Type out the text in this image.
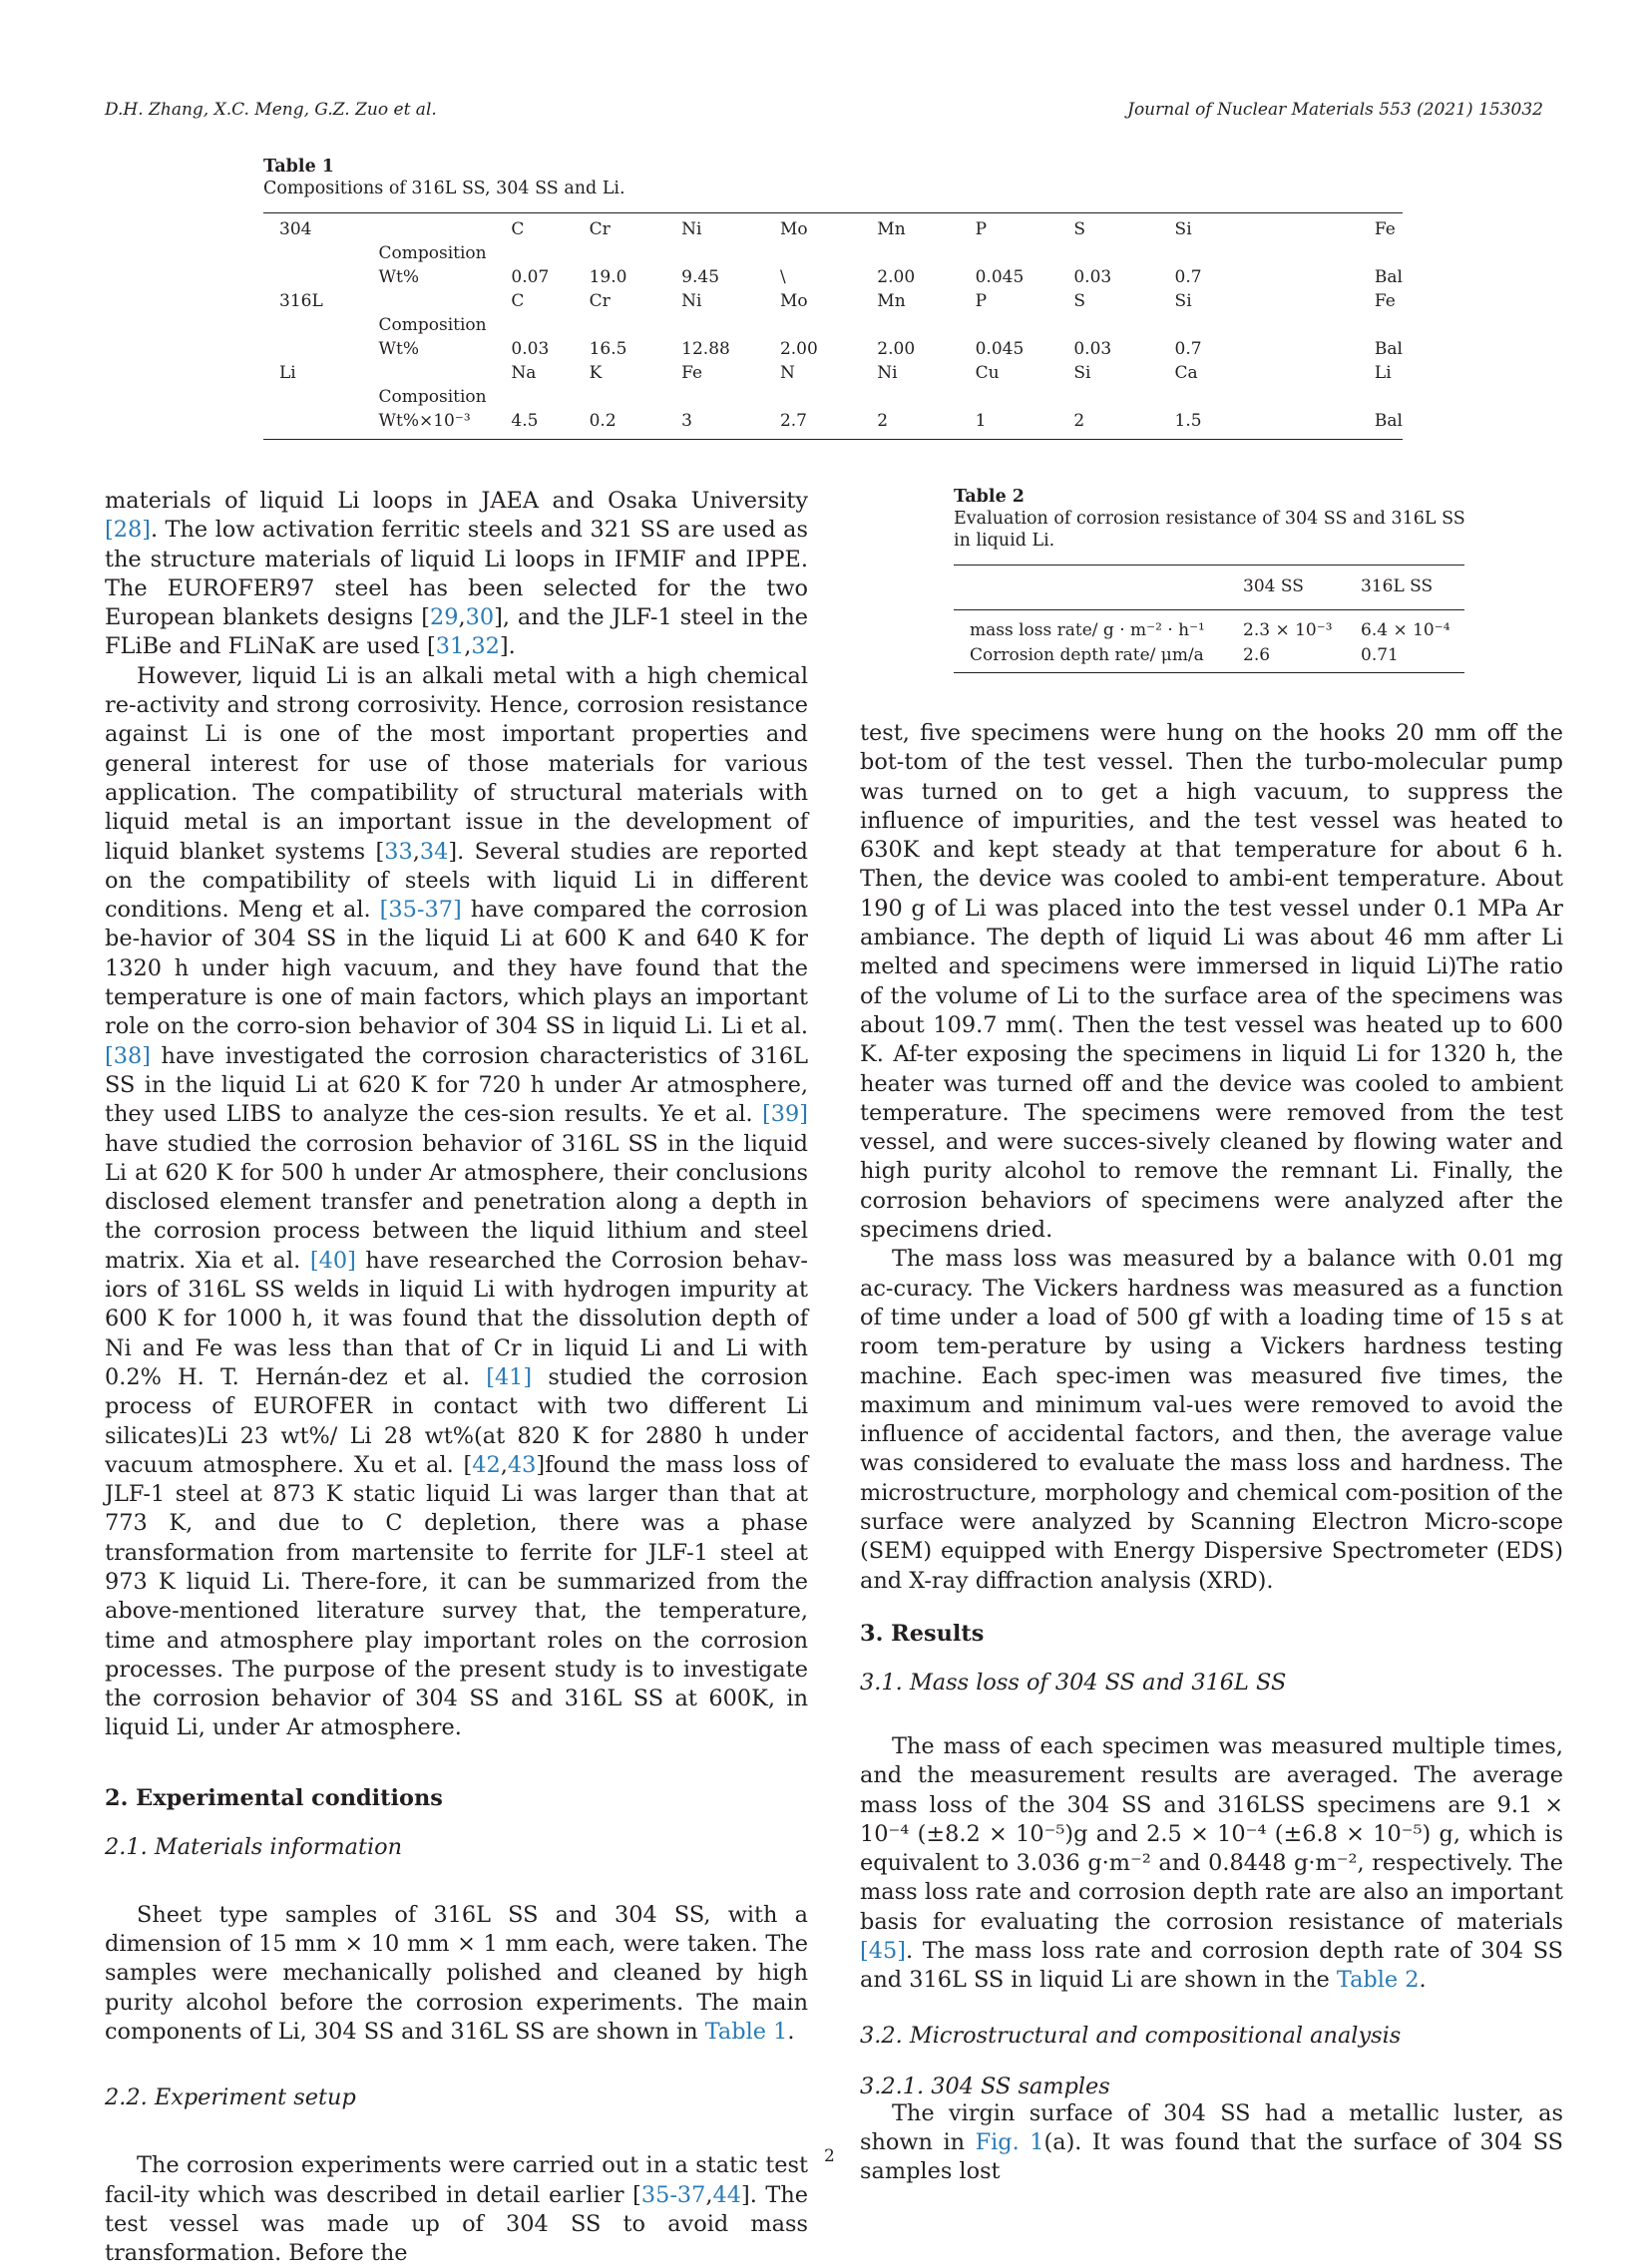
D.H. Zhang, X.C. Meng, G.Z. Zuo et al.	Journal of Nuclear Materials 553 (2021) 153032
Table 1
Compositions of 316L SS, 304 SS and Li.
304		C	Cr	Ni	Mo	Mn	P	S	Si	Fe
	Composition									
	Wt%	0.07	19.0	9.45	\	2.00	0.045	0.03	0.7	Bal
316L		C	Cr	Ni	Mo	Mn	P	S	Si	Fe
	Composition									
	Wt%	0.03	16.5	12.88	2.00	2.00	0.045	0.03	0.7	Bal
Li		Na	K	Fe	N	Ni	Cu	Si	Ca	Li
	Composition									
	Wt%×10⁻³	4.5	0.2	3	2.7	2	1	2	1.5	Bal
Table 2
Evaluation of corrosion resistance of 304 SS and 316L SS in liquid Li.
	304 SS	316L SS
mass loss rate/ g · m⁻² · h⁻¹	2.3 × 10⁻³	6.4 × 10⁻⁴
Corrosion depth rate/ μm/a	2.6	0.71

materials of liquid Li loops in JAEA and Osaka University [28]. The low activation ferritic steels and 321 SS are used as the structure materials of liquid Li loops in IFMIF and IPPE. The EUROFER97 steel has been selected for the two European blankets designs [29,30], and the JLF-1 steel in the FLiBe and FLiNaK are used [31,32].

However, liquid Li is an alkali metal with a high chemical re-activity and strong corrosivity. Hence, corrosion resistance against Li is one of the most important properties and general interest for use of those materials for various application. The compatibility of structural materials with liquid metal is an important issue in the development of liquid blanket systems [33,34]. Several studies are reported on the compatibility of steels with liquid Li in different conditions. Meng et al. [35-37] have compared the corrosion be-havior of 304 SS in the liquid Li at 600 K and 640 K for 1320 h under high vacuum, and they have found that the temperature is one of main factors, which plays an important role on the corro-sion behavior of 304 SS in liquid Li. Li et al. [38] have investigated the corrosion characteristics of 316L SS in the liquid Li at 620 K for 720 h under Ar atmosphere, they used LIBS to analyze the ces-sion results. Ye et al. [39] have studied the corrosion behavior of 316L SS in the liquid Li at 620 K for 500 h under Ar atmosphere, their conclusions disclosed element transfer and penetration along a depth in the corrosion process between the liquid lithium and steel matrix. Xia et al. [40] have researched the Corrosion behav-iors of 316L SS welds in liquid Li with hydrogen impurity at 600 K for 1000 h, it was found that the dissolution depth of Ni and Fe was less than that of Cr in liquid Li and Li with 0.2% H. T. Hernán-dez et al. [41] studied the corrosion process of EUROFER in contact with two different Li silicates)Li 23 wt%/ Li 28 wt%(at 820 K for 2880 h under vacuum atmosphere. Xu et al. [42,43]found the mass loss of JLF-1 steel at 873 K static liquid Li was larger than that at 773 K, and due to C depletion, there was a phase transformation from martensite to ferrite for JLF-1 steel at 973 K liquid Li. There-fore, it can be summarized from the above-mentioned literature survey that, the temperature, time and atmosphere play important roles on the corrosion processes. The purpose of the present study is to investigate the corrosion behavior of 304 SS and 316L SS at 600K, in liquid Li, under Ar atmosphere.

2. Experimental conditions
2.1. Materials information

Sheet type samples of 316L SS and 304 SS, with a dimension of 15 mm × 10 mm × 1 mm each, were taken. The samples were mechanically polished and cleaned by high purity alcohol before the corrosion experiments. The main components of Li, 304 SS and 316L SS are shown in Table 1.

2.2. Experiment setup

The corrosion experiments were carried out in a static test facil-ity which was described in detail earlier [35-37,44]. The test vessel was made up of 304 SS to avoid mass transformation. Before the

test, five specimens were hung on the hooks 20 mm off the bot-tom of the test vessel. Then the turbo-molecular pump was turned on to get a high vacuum, to suppress the influence of impurities, and the test vessel was heated to 630K and kept steady at that temperature for about 6 h. Then, the device was cooled to ambi-ent temperature. About 190 g of Li was placed into the test vessel under 0.1 MPa Ar ambiance. The depth of liquid Li was about 46 mm after Li melted and specimens were immersed in liquid Li)The ratio of the volume of Li to the surface area of the specimens was about 109.7 mm(. Then the test vessel was heated up to 600 K. Af-ter exposing the specimens in liquid Li for 1320 h, the heater was turned off and the device was cooled to ambient temperature. The specimens were removed from the test vessel, and were succes-sively cleaned by flowing water and high purity alcohol to remove the remnant Li. Finally, the corrosion behaviors of specimens were analyzed after the specimens dried.

The mass loss was measured by a balance with 0.01 mg ac-curacy. The Vickers hardness was measured as a function of time under a load of 500 gf with a loading time of 15 s at room tem-perature by using a Vickers hardness testing machine. Each spec-imen was measured five times, the maximum and minimum val-ues were removed to avoid the influence of accidental factors, and then, the average value was considered to evaluate the mass loss and hardness. The microstructure, morphology and chemical com-position of the surface were analyzed by Scanning Electron Micro-scope (SEM) equipped with Energy Dispersive Spectrometer (EDS) and X-ray diffraction analysis (XRD).

3. Results
3.1. Mass loss of 304 SS and 316L SS

The mass of each specimen was measured multiple times, and the measurement results are averaged. The average mass loss of the 304 SS and 316LSS specimens are 9.1 × 10⁻⁴ (±8.2 × 10⁻⁵)g and 2.5 × 10⁻⁴ (±6.8 × 10⁻⁵) g, which is equivalent to 3.036 g·m⁻² and 0.8448 g·m⁻², respectively. The mass loss rate and corrosion depth rate are also an important basis for evaluating the corrosion resistance of materials [45]. The mass loss rate and corrosion depth rate of 304 SS and 316L SS in liquid Li are shown in the Table 2.

3.2. Microstructural and compositional analysis
3.2.1. 304 SS samples

The virgin surface of 304 SS had a metallic luster, as shown in Fig. 1(a). It was found that the surface of 304 SS samples lost

2
